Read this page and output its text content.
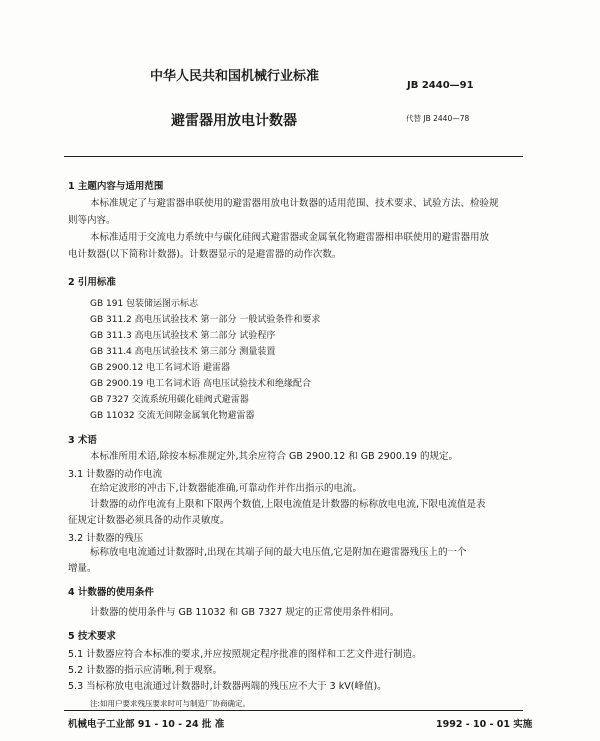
中华人民共和国机械行业标准
JB 2440—91
避雷器用放电计数器	代替 JB 2440—78
1 主题内容与适用范围
本标准规定了与避雷器串联使用的避雷器用放电计数器的适用范围、技术要求、试验方法、检验规
则等内容。
本标准适用于交流电力系统中与碳化硅阀式避雷器或金属氧化物避雷器相串联使用的避雷器用放
电计数器(以下简称计数器)。计数器显示的是避雷器的动作次数。
2 引用标准
GB 191 包装储运图示标志
GB 311.2 高电压试验技术 第一部分 一般试验条件和要求
GB 311.3 高电压试验技术 第二部分 试验程序
GB 311.4 高电压试验技术 第三部分 测量装置
GB 2900.12 电工名词术语 避雷器
GB 2900.19 电工名词术语 高电压试验技术和绝缘配合
GB 7327 交流系统用碳化硅阀式避雷器
GB 11032 交流无间隙金属氧化物避雷器
3 术语
本标准所用术语,除按本标准规定外,其余应符合 GB 2900.12 和 GB 2900.19 的规定。
3.1 计数器的动作电流
在给定波形的冲击下,计数器能准确,可靠动作并作出指示的电流。
计数器的动作电流有上限和下限两个数值,上限电流值是计数器的标称放电电流,下限电流值是表
征规定计数器必须具备的动作灵敏度。
3.2 计数器的残压
标称放电电流通过计数器时,出现在其端子间的最大电压值,它是附加在避雷器残压上的一个
增量。
4 计数器的使用条件
计数器的使用条件与 GB 11032 和 GB 7327 规定的正常使用条件相同。
5 技术要求
5.1 计数器应符合本标准的要求,并应按照规定程序批准的图样和工艺文件进行制造。
5.2 计数器的指示应清晰,利于观察。
5.3 当标称放电电流通过计数器时,计数器两端的残压应不大于 3 kV(峰值)。
注:如用户要求残压要求时可与制造厂协商确定。
机械电子工业部 91 - 10 - 24 批 准	1992 - 10 - 01 实施
